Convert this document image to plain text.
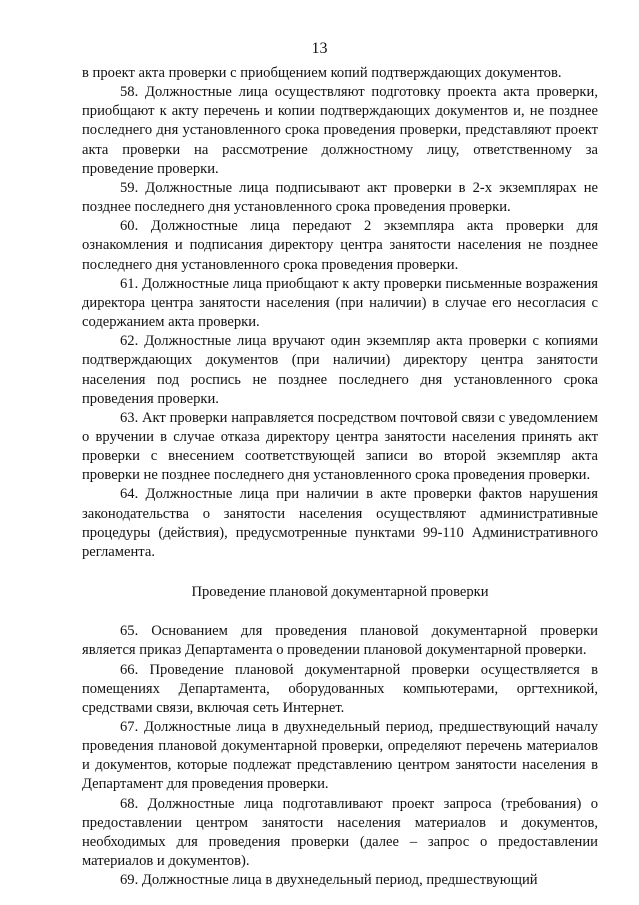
13

в проект акта проверки с приобщением копий подтверждающих документов.

58. Должностные лица осуществляют подготовку проекта акта проверки, приобщают к акту перечень и копии подтверждающих документов и, не позднее последнего дня установленного срока проведения проверки, представляют проект акта проверки на рассмотрение должностному лицу, ответственному за проведение проверки.

59. Должностные лица подписывают акт проверки в 2-х экземплярах не позднее последнего дня установленного срока проведения проверки.

60. Должностные лица передают 2 экземпляра акта проверки для ознакомления и подписания директору центра занятости населения не позднее последнего дня установленного срока проведения проверки.

61. Должностные лица приобщают к акту проверки письменные возражения директора центра занятости населения (при наличии) в случае его несогласия с содержанием акта проверки.

62. Должностные лица вручают один экземпляр акта проверки с копиями подтверждающих документов (при наличии) директору центра занятости населения под роспись не позднее последнего дня установленного срока проведения проверки.

63. Акт проверки направляется посредством почтовой связи с уведомлением о вручении в случае отказа директору центра занятости населения принять акт проверки с внесением соответствующей записи во второй экземпляр акта проверки не позднее последнего дня установленного срока проведения проверки.

64. Должностные лица при наличии в акте проверки фактов нарушения законодательства о занятости населения осуществляют административные процедуры (действия), предусмотренные пунктами 99-110 Административного регламента.

Проведение плановой документарной проверки

65. Основанием для проведения плановой документарной проверки является приказ Департамента о проведении плановой документарной проверки.

66. Проведение плановой документарной проверки осуществляется в помещениях Департамента, оборудованных компьютерами, оргтехникой, средствами связи, включая сеть Интернет.

67. Должностные лица в двухнедельный период, предшествующий началу проведения плановой документарной проверки, определяют перечень материалов и документов, которые подлежат представлению центром занятости населения в Департамент для проведения проверки.

68. Должностные лица подготавливают проект запроса (требования) о предоставлении центром занятости населения материалов и документов, необходимых для проведения проверки (далее – запрос о предоставлении материалов и документов).

69. Должностные лица в двухнедельный период, предшествующий
